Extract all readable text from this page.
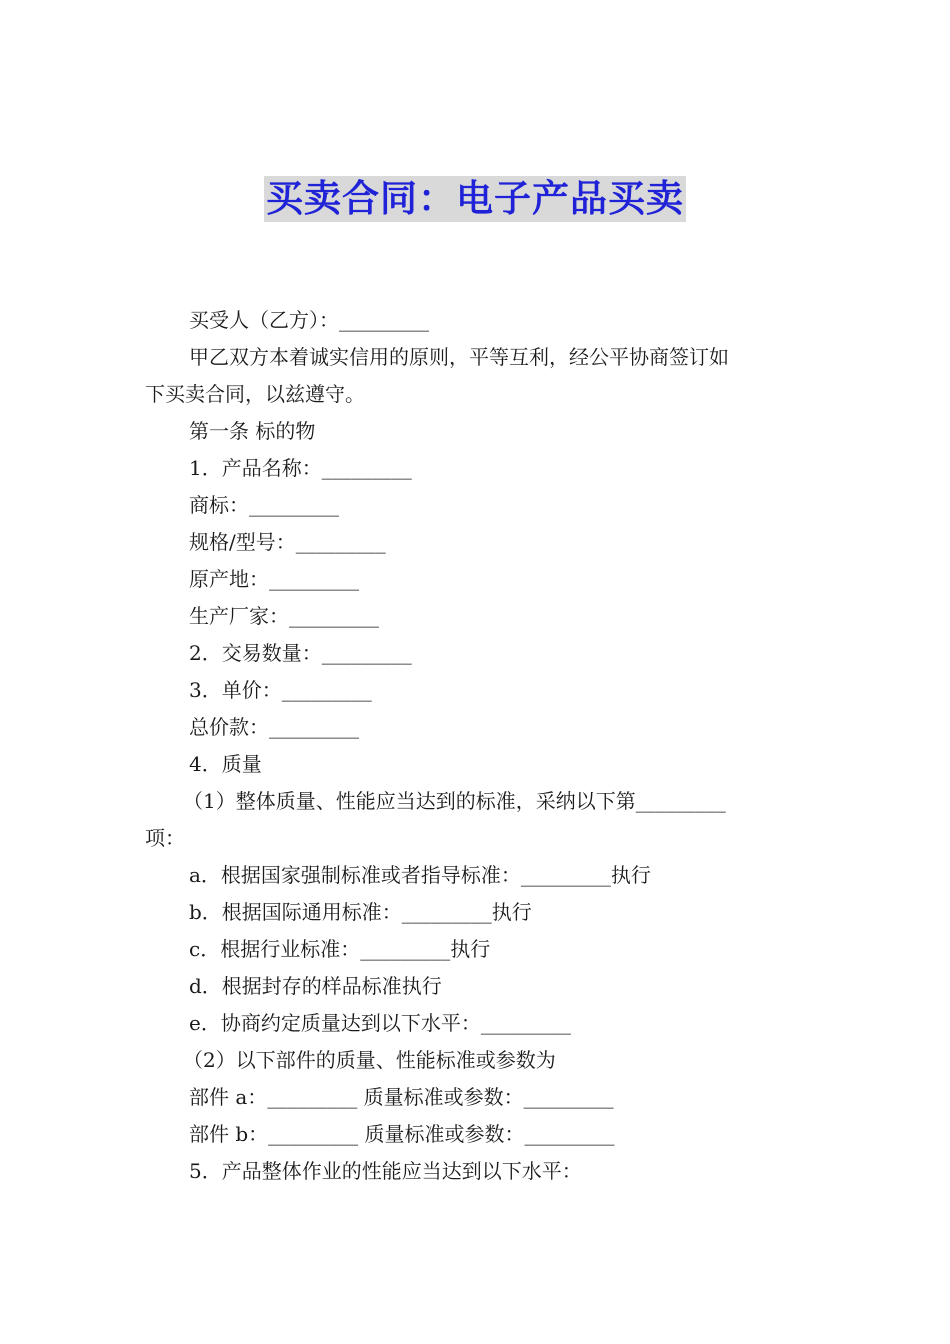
买卖合同：电子产品买卖
买受人（乙方）：_________
甲乙双方本着诚实信用的原则，平等互利，经公平协商签订如
下买卖合同，以兹遵守。
第一条 标的物
1．产品名称：_________
商标：_________
规格/型号：_________
原产地：_________
生产厂家：_________
2．交易数量：_________
3．单价：_________
总价款：_________
4．质量
（1）整体质量、性能应当达到的标准，采纳以下第_________
项：
a．根据国家强制标准或者指导标准：_________执行
b．根据国际通用标准：_________执行
c．根据行业标准：_________执行
d．根据封存的样品标准执行
e．协商约定质量达到以下水平：_________
（2）以下部件的质量、性能标准或参数为
部件 a：_________ 质量标准或参数：_________
部件 b：_________ 质量标准或参数：_________
5．产品整体作业的性能应当达到以下水平：
